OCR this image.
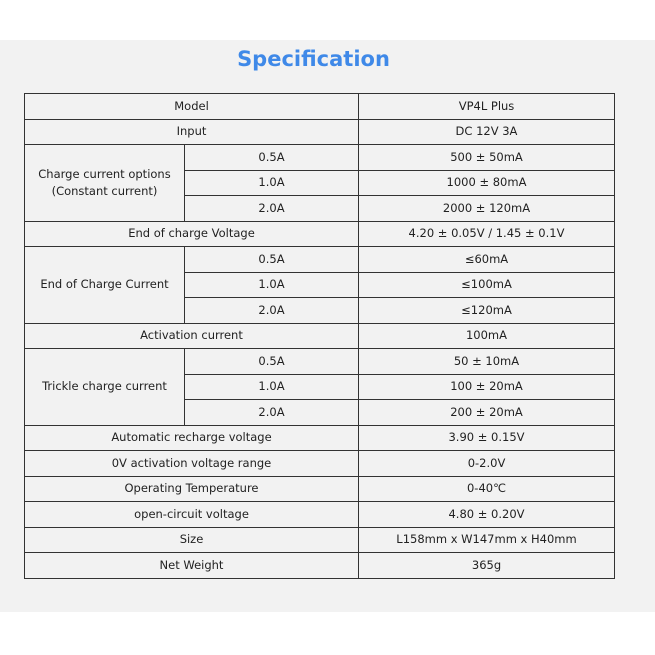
Specification
Model		VP4L Plus
Input		DC 12V 3A

Charge current options
(Constant current)	0.5A	500 ± 50mA
	1.0A	1000 ± 80mA
	2.0A	2000 ± 120mA
End of charge Voltage		4.20 ± 0.05V / 1.45 ± 0.1V
End of Charge Current	0.5A	≤60mA
	1.0A	≤100mA
	2.0A	≤120mA
Activation current		100mA
Trickle charge current	0.5A	50 ± 10mA
	1.0A	100 ± 20mA
	2.0A	200 ± 20mA
Automatic recharge voltage		3.90 ± 0.15V
0V activation voltage range		0-2.0V
Operating Temperature		0-40℃
open-circuit voltage		4.80 ± 0.20V
Size		L158mm x W147mm x H40mm
Net Weight		365g
